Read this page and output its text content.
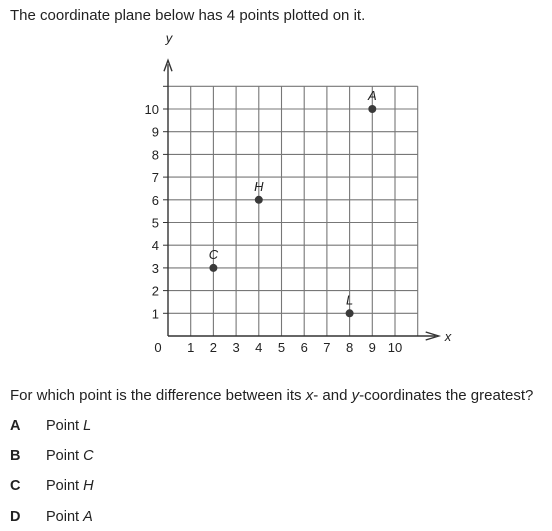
The coordinate plane below has 4 points plotted on it.
x
y
0 1 2 3 4 5 6 7 8 9 10
1
2
3
4
5
6
7
8
9
10
A
H
C
L
For which point is the difference between its x- and y-coordinates the greatest?
A Point L
B Point C
C Point H
D Point A
